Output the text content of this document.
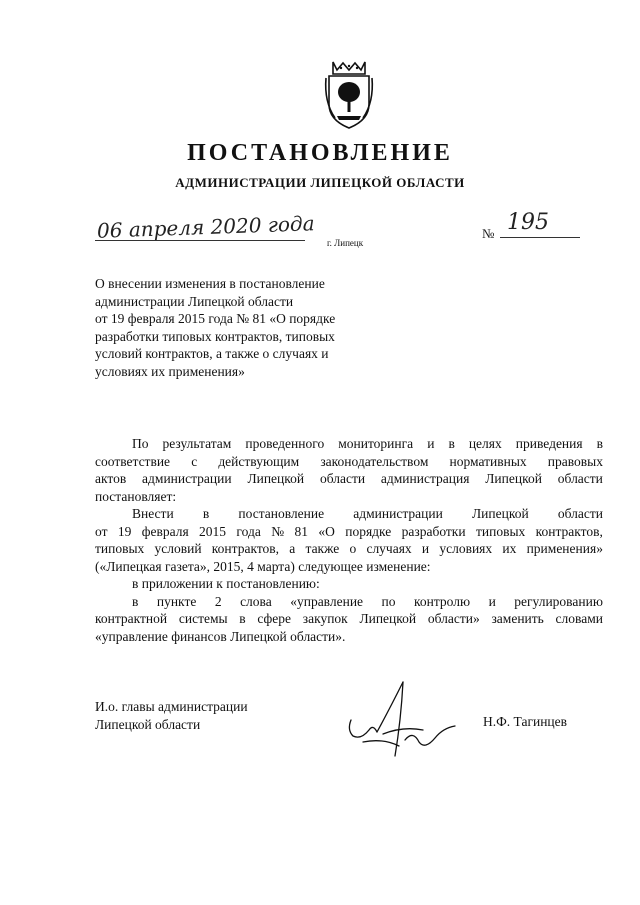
ПОСТАНОВЛЕНИЕ
АДМИНИСТРАЦИИ ЛИПЕЦКОЙ ОБЛАСТИ
06 апреля 2020 года
г. Липецк
№ 195
О внесении изменения в постановление
администрации Липецкой области
от 19 февраля 2015 года № 81 «О порядке
разработки типовых контрактов, типовых
условий контрактов, а также о случаях и
условиях их применения»
По результатам проведенного мониторинга и в целях приведения в
соответствие с действующим законодательством нормативных правовых
актов администрации Липецкой области администрация Липецкой области
постановляет:
Внести в постановление администрации Липецкой области
от 19 февраля 2015 года № 81 «О порядке разработки типовых контрактов,
типовых условий контрактов, а также о случаях и условиях их применения»
(«Липецкая газета», 2015, 4 марта) следующее изменение:
в приложении к постановлению:
в пункте 2 слова «управление по контролю и регулированию
контрактной системы в сфере закупок Липецкой области» заменить словами
«управление финансов Липецкой области».
И.о. главы администрации
Липецкой области	Н.Ф. Тагинцев
